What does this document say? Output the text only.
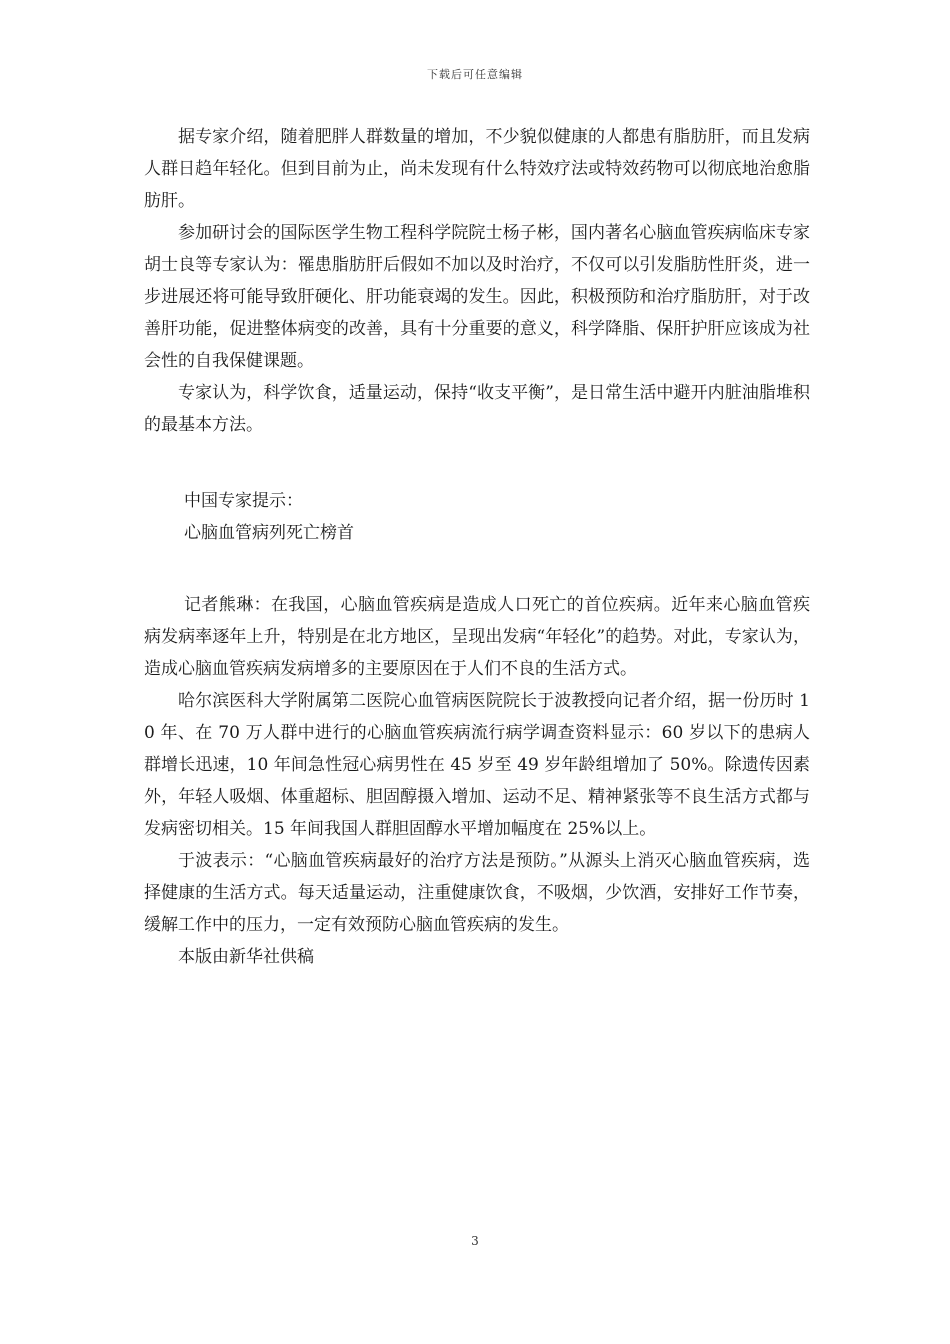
下载后可任意编辑

据专家介绍，随着肥胖人群数量的增加，不少貌似健康的人都患有脂肪肝，而且发病人群日趋年轻化。但到目前为止，尚未发现有什么特效疗法或特效药物可以彻底地治愈脂肪肝。

参加研讨会的国际医学生物工程科学院院士杨子彬，国内著名心脑血管疾病临床专家胡士良等专家认为：罹患脂肪肝后假如不加以及时治疗，不仅可以引发脂肪性肝炎，进一步进展还将可能导致肝硬化、肝功能衰竭的发生。因此，积极预防和治疗脂肪肝，对于改善肝功能，促进整体病变的改善，具有十分重要的意义，科学降脂、保肝护肝应该成为社会性的自我保健课题。

专家认为，科学饮食，适量运动，保持“收支平衡”，是日常生活中避开内脏油脂堆积的最基本方法。

中国专家提示：

心脑血管病列死亡榜首

记者熊琳：在我国，心脑血管疾病是造成人口死亡的首位疾病。近年来心脑血管疾病发病率逐年上升，特别是在北方地区，呈现出发病“年轻化”的趋势。对此，专家认为，造成心脑血管疾病发病增多的主要原因在于人们不良的生活方式。

哈尔滨医科大学附属第二医院心血管病医院院长于波教授向记者介绍，据一份历时 10 年、在 70 万人群中进行的心脑血管疾病流行病学调查资料显示：60 岁以下的患病人群增长迅速，10 年间急性冠心病男性在 45 岁至 49 岁年龄组增加了 50%。除遗传因素外，年轻人吸烟、体重超标、胆固醇摄入增加、运动不足、精神紧张等不良生活方式都与发病密切相关。15 年间我国人群胆固醇水平增加幅度在 25%以上。

于波表示：“心脑血管疾病最好的治疗方法是预防。”从源头上消灭心脑血管疾病，选择健康的生活方式。每天适量运动，注重健康饮食，不吸烟，少饮酒，安排好工作节奏，缓解工作中的压力，一定有效预防心脑血管疾病的发生。

本版由新华社供稿

3
